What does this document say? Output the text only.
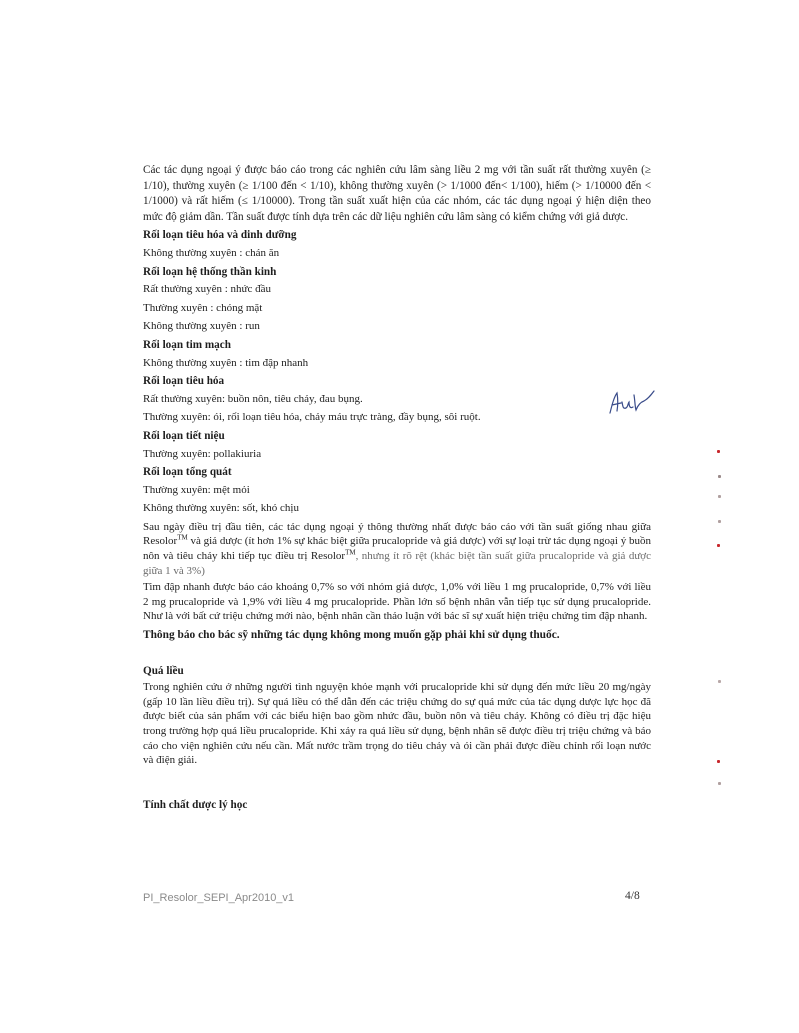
Các tác dụng ngoại ý được báo cáo trong các nghiên cứu lâm sàng liều 2 mg với tần suất rất thường xuyên (≥ 1/10), thường xuyên (≥ 1/100 đến < 1/10), không thường xuyên (> 1/1000 đến< 1/100), hiếm (> 1/10000 đến < 1/1000) và rất hiếm (≤ 1/10000). Trong tần suất xuất hiện của các nhóm, các tác dụng ngoại ý hiện diện theo mức độ giảm dần. Tần suất được tính dựa trên các dữ liệu nghiên cứu lâm sàng có kiểm chứng với giả dược.

Rối loạn tiêu hóa và dinh dưỡng
Không thường xuyên : chán ăn
Rối loạn hệ thống thần kinh
Rất thường xuyên : nhức đầu
Thường xuyên : chóng mặt
Không thường xuyên : run
Rối loạn tim mạch
Không thường xuyên : tim đập nhanh
Rối loạn tiêu hóa
Rất thường xuyên: buồn nôn, tiêu chảy, đau bụng.
Thường xuyên: ói, rối loạn tiêu hóa, chảy máu trực tràng, đầy bụng, sôi ruột.
Rối loạn tiết niệu
Thường xuyên: pollakiuria
Rối loạn tổng quát
Thường xuyên: mệt mỏi
Không thường xuyên: sốt, khó chịu

Sau ngày điều trị đầu tiên, các tác dụng ngoại ý thông thường nhất được báo cáo với tần suất giống nhau giữa Resolor™ và giả dược (ít hơn 1% sự khác biệt giữa prucalopride và giả dược) với sự loại trừ tác dụng ngoại ý buồn nôn và tiêu chảy khi tiếp tục điều trị Resolor™, nhưng ít rõ rệt (khác biệt tần suất giữa prucalopride và giả dược giữa 1 và 3%)

Tim đập nhanh được báo cáo khoảng 0,7% so với nhóm giả dược, 1,0% với liều 1 mg prucalopride, 0,7% với liều 2 mg prucalopride và 1,9% với liều 4 mg prucalopride. Phần lớn số bệnh nhân vẫn tiếp tục sử dụng prucalopride. Như là với bất cứ triệu chứng mới nào, bệnh nhân cần thảo luận với bác sĩ sự xuất hiện triệu chứng tim đập nhanh.

Thông báo cho bác sỹ những tác dụng không mong muốn gặp phải khi sử dụng thuốc.

Quá liều

Trong nghiên cứu ở những người tình nguyện khỏe mạnh với prucalopride khi sử dụng đến mức liều 20 mg/ngày (gấp 10 lần liều điều trị). Sự quá liều có thể dẫn đến các triệu chứng do sự quá mức của tác dụng dược lực học đã được biết của sản phẩm với các biểu hiện bao gồm nhức đầu, buồn nôn và tiêu chảy. Không có điều trị đặc hiệu trong trường hợp quá liều prucalopride. Khi xảy ra quá liều sử dụng, bệnh nhân sẽ được điều trị triệu chứng và báo cáo cho viện nghiên cứu nếu cần. Mất nước trầm trọng do tiêu chảy và ói cần phải được điều chỉnh rối loạn nước và điện giải.

Tính chất dược lý học
PI_Resolor_SEPI_Apr2010_v1	4/8
